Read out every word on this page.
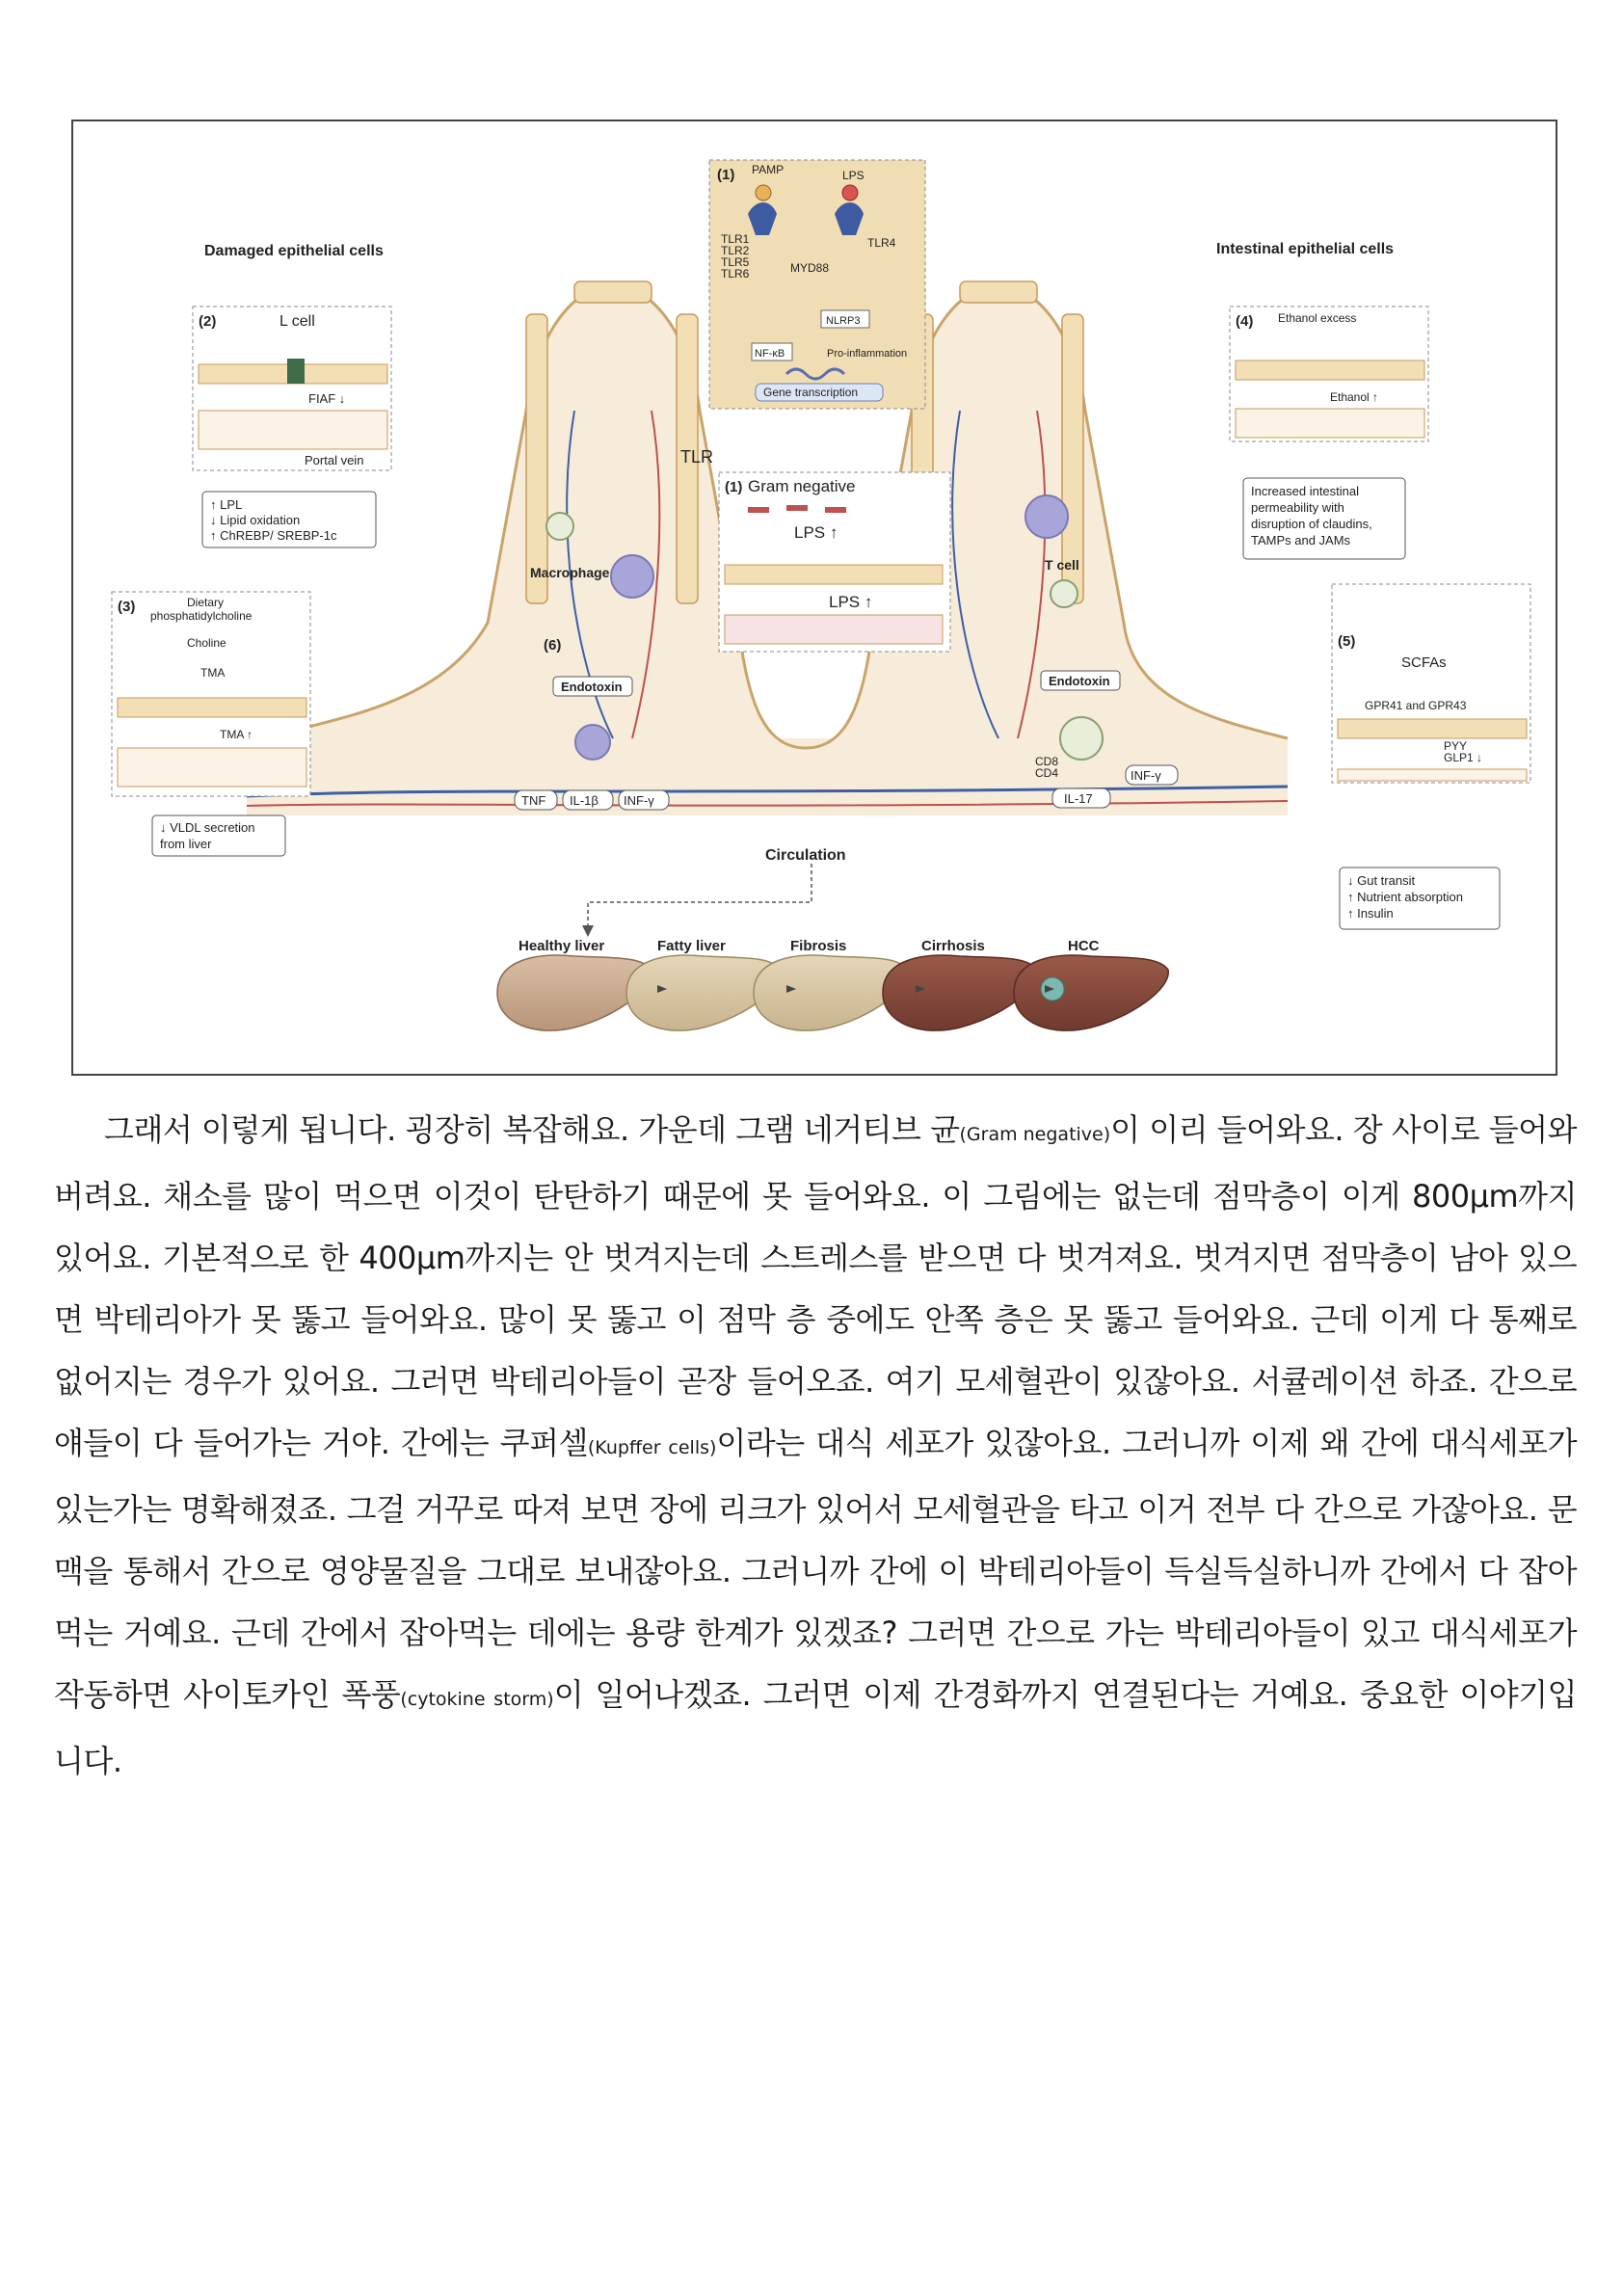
Damaged epithelial cells	Intestinal epithelial cells
TLR
Macrophage	T cell
Circulation
(1) PAMP	LPS
TLR1
TLR2
TLR5
TLR6
TLR4
MYD88
NLRP3
NF-κB	Pro-inflammation
Gene transcription
(1) Gram negative
LPS ↑
LPS ↑
(2)	L cell
FIAF ↓
Portal vein
↑ LPL
↓ Lipid oxidation
↑ ChREBP/ SREBP-1c
(3)	Dietary
phosphatidylcholine
Choline
TMA
TMA ↑
↓ VLDL secretion
from liver
(4) Ethanol excess
Ethanol ↑
Increased intestinal
permeability with
disruption of claudins,
TAMPs and JAMs
(5)
SCFAs
GPR41 and GPR43
PYY
GLP1 ↓
↓ Gut transit
↑ Nutrient absorption
↑ Insulin
(6)
Endotoxin
TNF IL-1β INF-γ
Endotoxin
CD8
CD4	INF-γ
IL-17
Healthy liver	Fatty liver	Fibrosis	Cirrhosis	HCC

그래서 이렇게 됩니다. 굉장히 복잡해요. 가운데 그램 네거티브 균(Gram negative)이 이리 들어와요. 장 사이로 들어와 버려요. 채소를 많이 먹으면 이것이 탄탄하기 때문에 못 들어와요. 이 그림에는 없는데 점막층이 이게 800μm까지 있어요. 기본적으로 한 400μm까지는 안 벗겨지는데 스트레스를 받으면 다 벗겨져요. 벗겨지면 점막층이 남아 있으면 박테리아가 못 뚫고 들어와요. 많이 못 뚫고 이 점막 층 중에도 안쪽 층은 못 뚫고 들어와요. 근데 이게 다 통째로 없어지는 경우가 있어요. 그러면 박테리아들이 곧장 들어오죠. 여기 모세혈관이 있잖아요. 서큘레이션 하죠. 간으로 얘들이 다 들어가는 거야. 간에는 쿠퍼셀(Kupffer cells)이라는 대식 세포가 있잖아요. 그러니까 이제 왜 간에 대식세포가 있는가는 명확해졌죠. 그걸 거꾸로 따져 보면 장에 리크가 있어서 모세혈관을 타고 이거 전부 다 간으로 가잖아요. 문맥을 통해서 간으로 영양물질을 그대로 보내잖아요. 그러니까 간에 이 박테리아들이 득실득실하니까 간에서 다 잡아먹는 거예요. 근데 간에서 잡아먹는 데에는 용량 한계가 있겠죠? 그러면 간으로 가는 박테리아들이 있고 대식세포가 작동하면 사이토카인 폭풍(cytokine storm)이 일어나겠죠. 그러면 이제 간경화까지 연결된다는 거예요. 중요한 이야기입니다.
